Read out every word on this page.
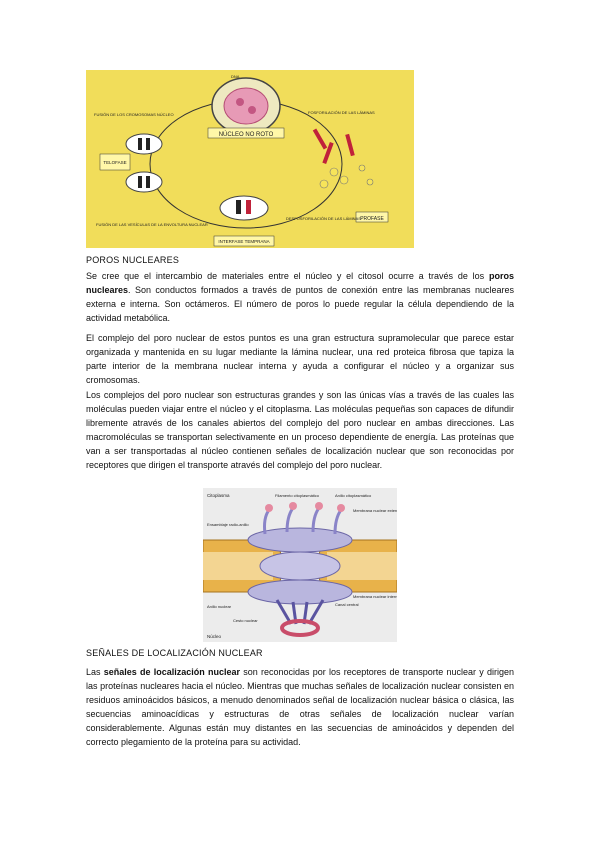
NÚCLEO NO ROTO
DNA
FOSFORILACIÓN DE LAS LÁMINAS
PROFASE
TELOFASE
FUSIÓN DE LOS CROMOSOMAS NÚCLEO
INTERFASE TEMPRANA
DESFOSFORILACIÓN DE LAS LÁMINAS
FUSIÓN DE LAS VESÍCULAS DE LA ENVOLTURA NUCLEAR
POROS NUCLEARES

Se cree que el intercambio de materiales entre el núcleo y el citosol ocurre a través de los poros nucleares. Son conductos formados a través de puntos de conexión entre las membranas nucleares externa e interna. Son octámeros. El número de poros lo puede regular la célula dependiendo de la actividad metabólica.

El complejo del poro nuclear de estos puntos es una gran estructura supramolecular que parece estar organizada y mantenida en su lugar mediante la lámina nuclear, una red proteica fibrosa que tapiza la parte interior de la membrana nuclear interna y ayuda a configurar el núcleo y a organizar sus cromosomas.

Los complejos del poro nuclear son estructuras grandes y son las únicas vías a través de las cuales las moléculas pueden viajar entre el núcleo y el citoplasma. Las moléculas pequeñas son capaces de difundir libremente através de los canales abiertos del complejo del poro nuclear en ambas direcciones. Las macromoléculas se transportan selectivamente en un proceso dependiente de energía. Las proteínas que van a ser transportadas al núcleo contienen señales de localización nuclear que son reconocidas por receptores que dirigen el transporte através del complejo del poro nuclear.

Citoplasma	Filamento citoplasmático	Anillo citoplasmático
Membrana nuclear externa
Ensamblaje radio-anillo
Anillo nuclear	Canal central
Membrana nuclear interna
Cesto nuclear
Núcleo
SEÑALES DE LOCALIZACIÓN NUCLEAR

Las señales de localización nuclear son reconocidas por los receptores de transporte nuclear y dirigen las proteínas nucleares hacia el núcleo. Mientras que muchas señales de localización nuclear consisten en residuos aminoácidos básicos, a menudo denominados señal de localización nuclear básica o clásica, las secuencias aminoacídicas y estructuras de otras señales de localización nuclear varían considerablemente. Algunas están muy distantes en las secuencias de aminoácidos y dependen del correcto plegamiento de la proteína para su actividad.
